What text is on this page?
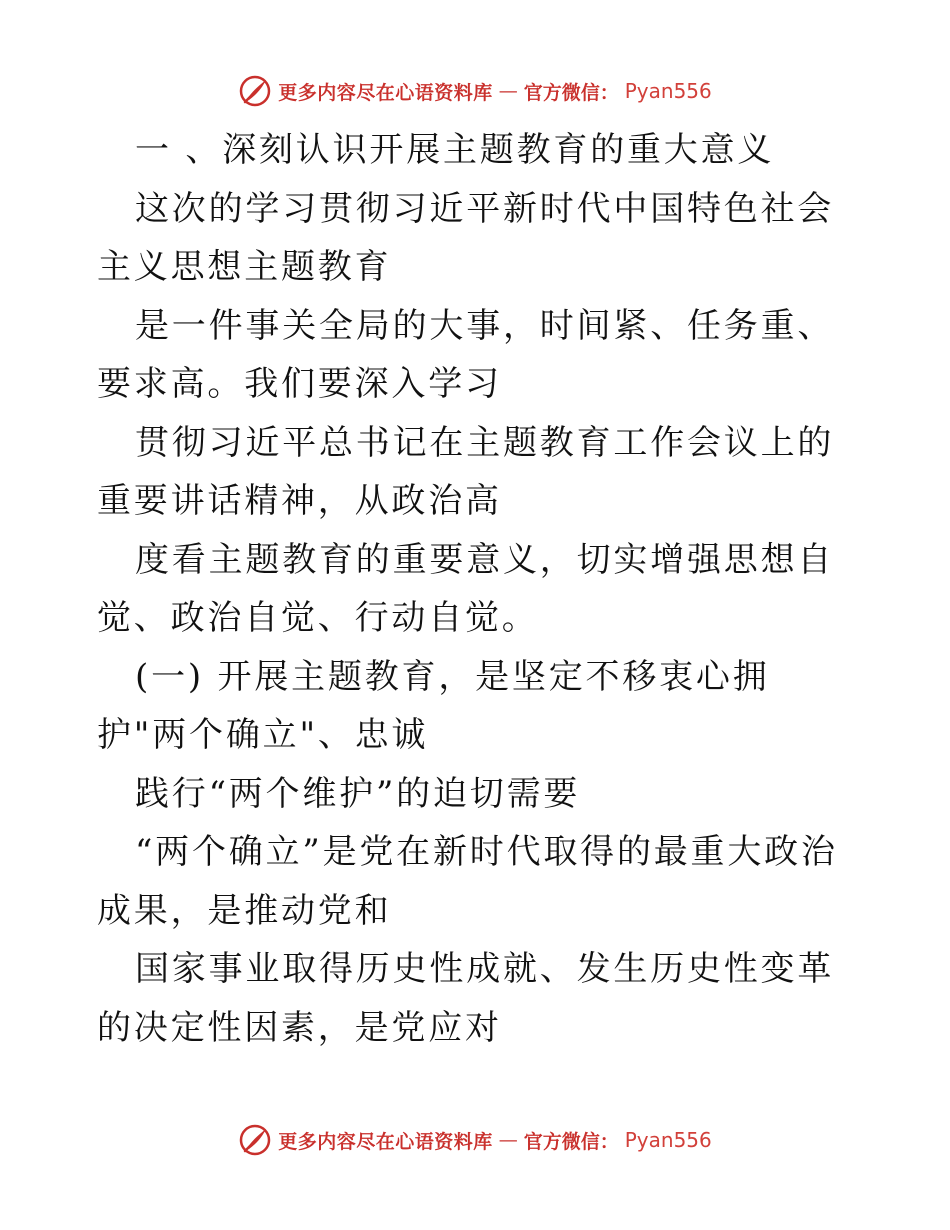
更多内容尽在心语资料库 — 官方微信： Pyan556

一 、深刻认识开展主题教育的重大意义

这次的学习贯彻习近平新时代中国特色社会主义思想主题教育

是一件事关全局的大事，时间紧、任务重、要求高。我们要深入学习

贯彻习近平总书记在主题教育工作会议上的重要讲话精神，从政治高

度看主题教育的重要意义，切实增强思想自觉、政治自觉、行动自觉。

(一) 开展主题教育，是坚定不移衷心拥护"两个确立"、忠诚

践行“两个维护”的迫切需要

“两个确立”是党在新时代取得的最重大政治成果，是推动党和

国家事业取得历史性成就、发生历史性变革的决定性因素，是党应对

更多内容尽在心语资料库 — 官方微信： Pyan556
